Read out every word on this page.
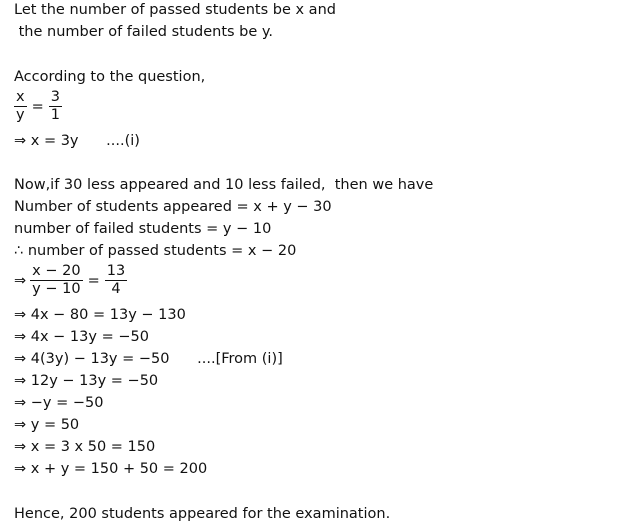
Let the number of passed students be x and
the number of failed students be y.
According to the question,
$\frac{x}{y} = \frac{3}{1}$
⇒ x = 3y      ....(i)
Now,if 30 less appeared and 10 less failed,  then we have
Number of students appeared = x + y − 30
number of failed students = y − 10
∴ number of passed students = x − 20
⇒ $\frac{x - 20}{y - 10} = \frac{13}{4}$
⇒ 4x − 80 = 13y − 130
⇒ 4x − 13y = −50
⇒ 4(3y) − 13y = −50      ....[From (i)]
⇒ 12y − 13y = −50
⇒ −y = −50
⇒ y = 50
⇒ x = 3 x 50 = 150
⇒ x + y = 150 + 50 = 200
Hence, 200 students appeared for the examination.
